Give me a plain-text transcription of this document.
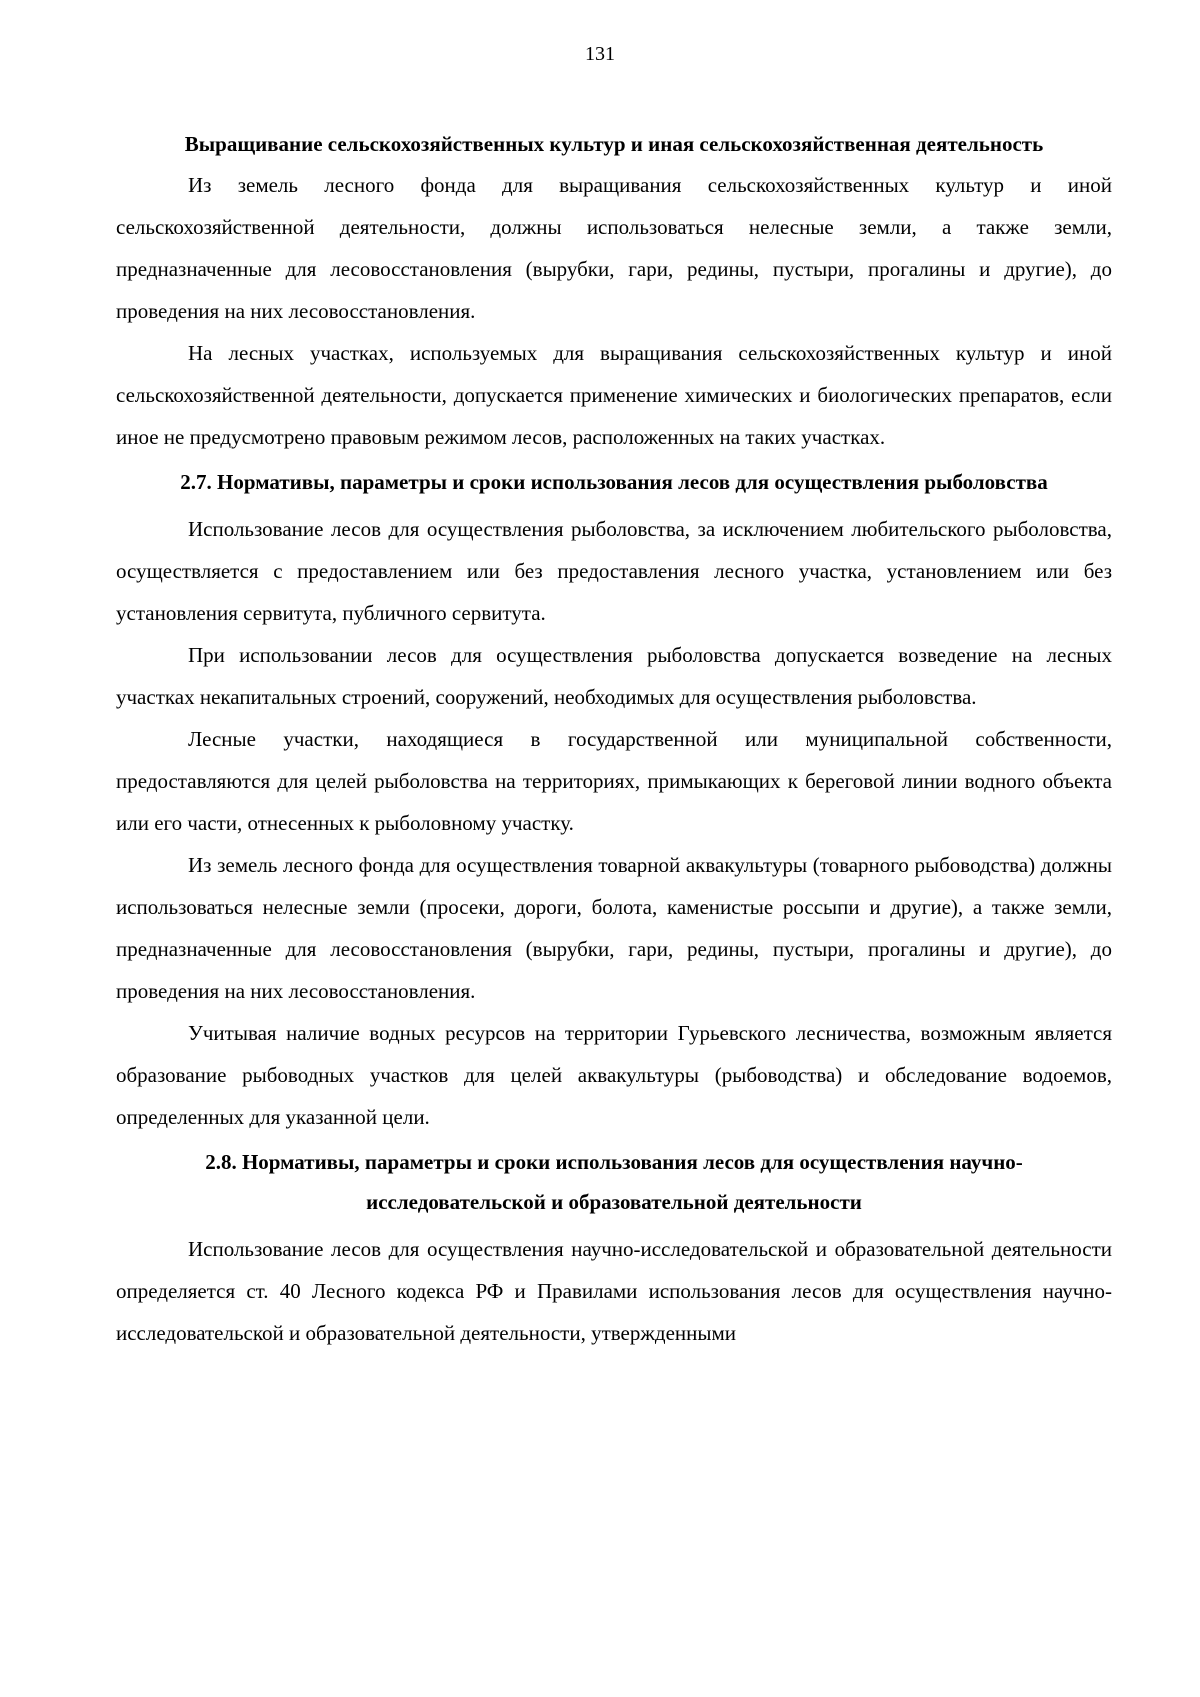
131
Выращивание сельскохозяйственных культур и иная сельскохозяйственная деятельность

Из земель лесного фонда для выращивания сельскохозяйственных культур и иной сельскохозяйственной деятельности, должны использоваться нелесные земли, а также земли, предназначенные для лесовосстановления (вырубки, гари, редины, пустыри, прогалины и другие), до проведения на них лесовосстановления.

На лесных участках, используемых для выращивания сельскохозяйственных культур и иной сельскохозяйственной деятельности, допускается применение химических и биологических препаратов, если иное не предусмотрено правовым режимом лесов, расположенных на таких участках.

2.7. Нормативы, параметры и сроки использования лесов для осуществления рыболовства

Использование лесов для осуществления рыболовства, за исключением любительского рыболовства, осуществляется с предоставлением или без предоставления лесного участка, установлением или без установления сервитута, публичного сервитута.

При использовании лесов для осуществления рыболовства допускается возведение на лесных участках некапитальных строений, сооружений, необходимых для осуществления рыболовства.

Лесные участки, находящиеся в государственной или муниципальной собственности, предоставляются для целей рыболовства на территориях, примыкающих к береговой линии водного объекта или его части, отнесенных к рыболовному участку.

Из земель лесного фонда для осуществления товарной аквакультуры (товарного рыбоводства) должны использоваться нелесные земли (просеки, дороги, болота, каменистые россыпи и другие), а также земли, предназначенные для лесовосстановления (вырубки, гари, редины, пустыри, прогалины и другие), до проведения на них лесовосстановления.

Учитывая наличие водных ресурсов на территории Гурьевского лесничества, возможным является образование рыбоводных участков для целей аквакультуры (рыбоводства) и обследование водоемов, определенных для указанной цели.

2.8. Нормативы, параметры и сроки использования лесов для осуществления научно-исследовательской и образовательной деятельности

Использование лесов для осуществления научно-исследовательской и образовательной деятельности определяется ст. 40 Лесного кодекса РФ и Правилами использования лесов для осуществления научно-исследовательской и образовательной деятельности, утвержденными
